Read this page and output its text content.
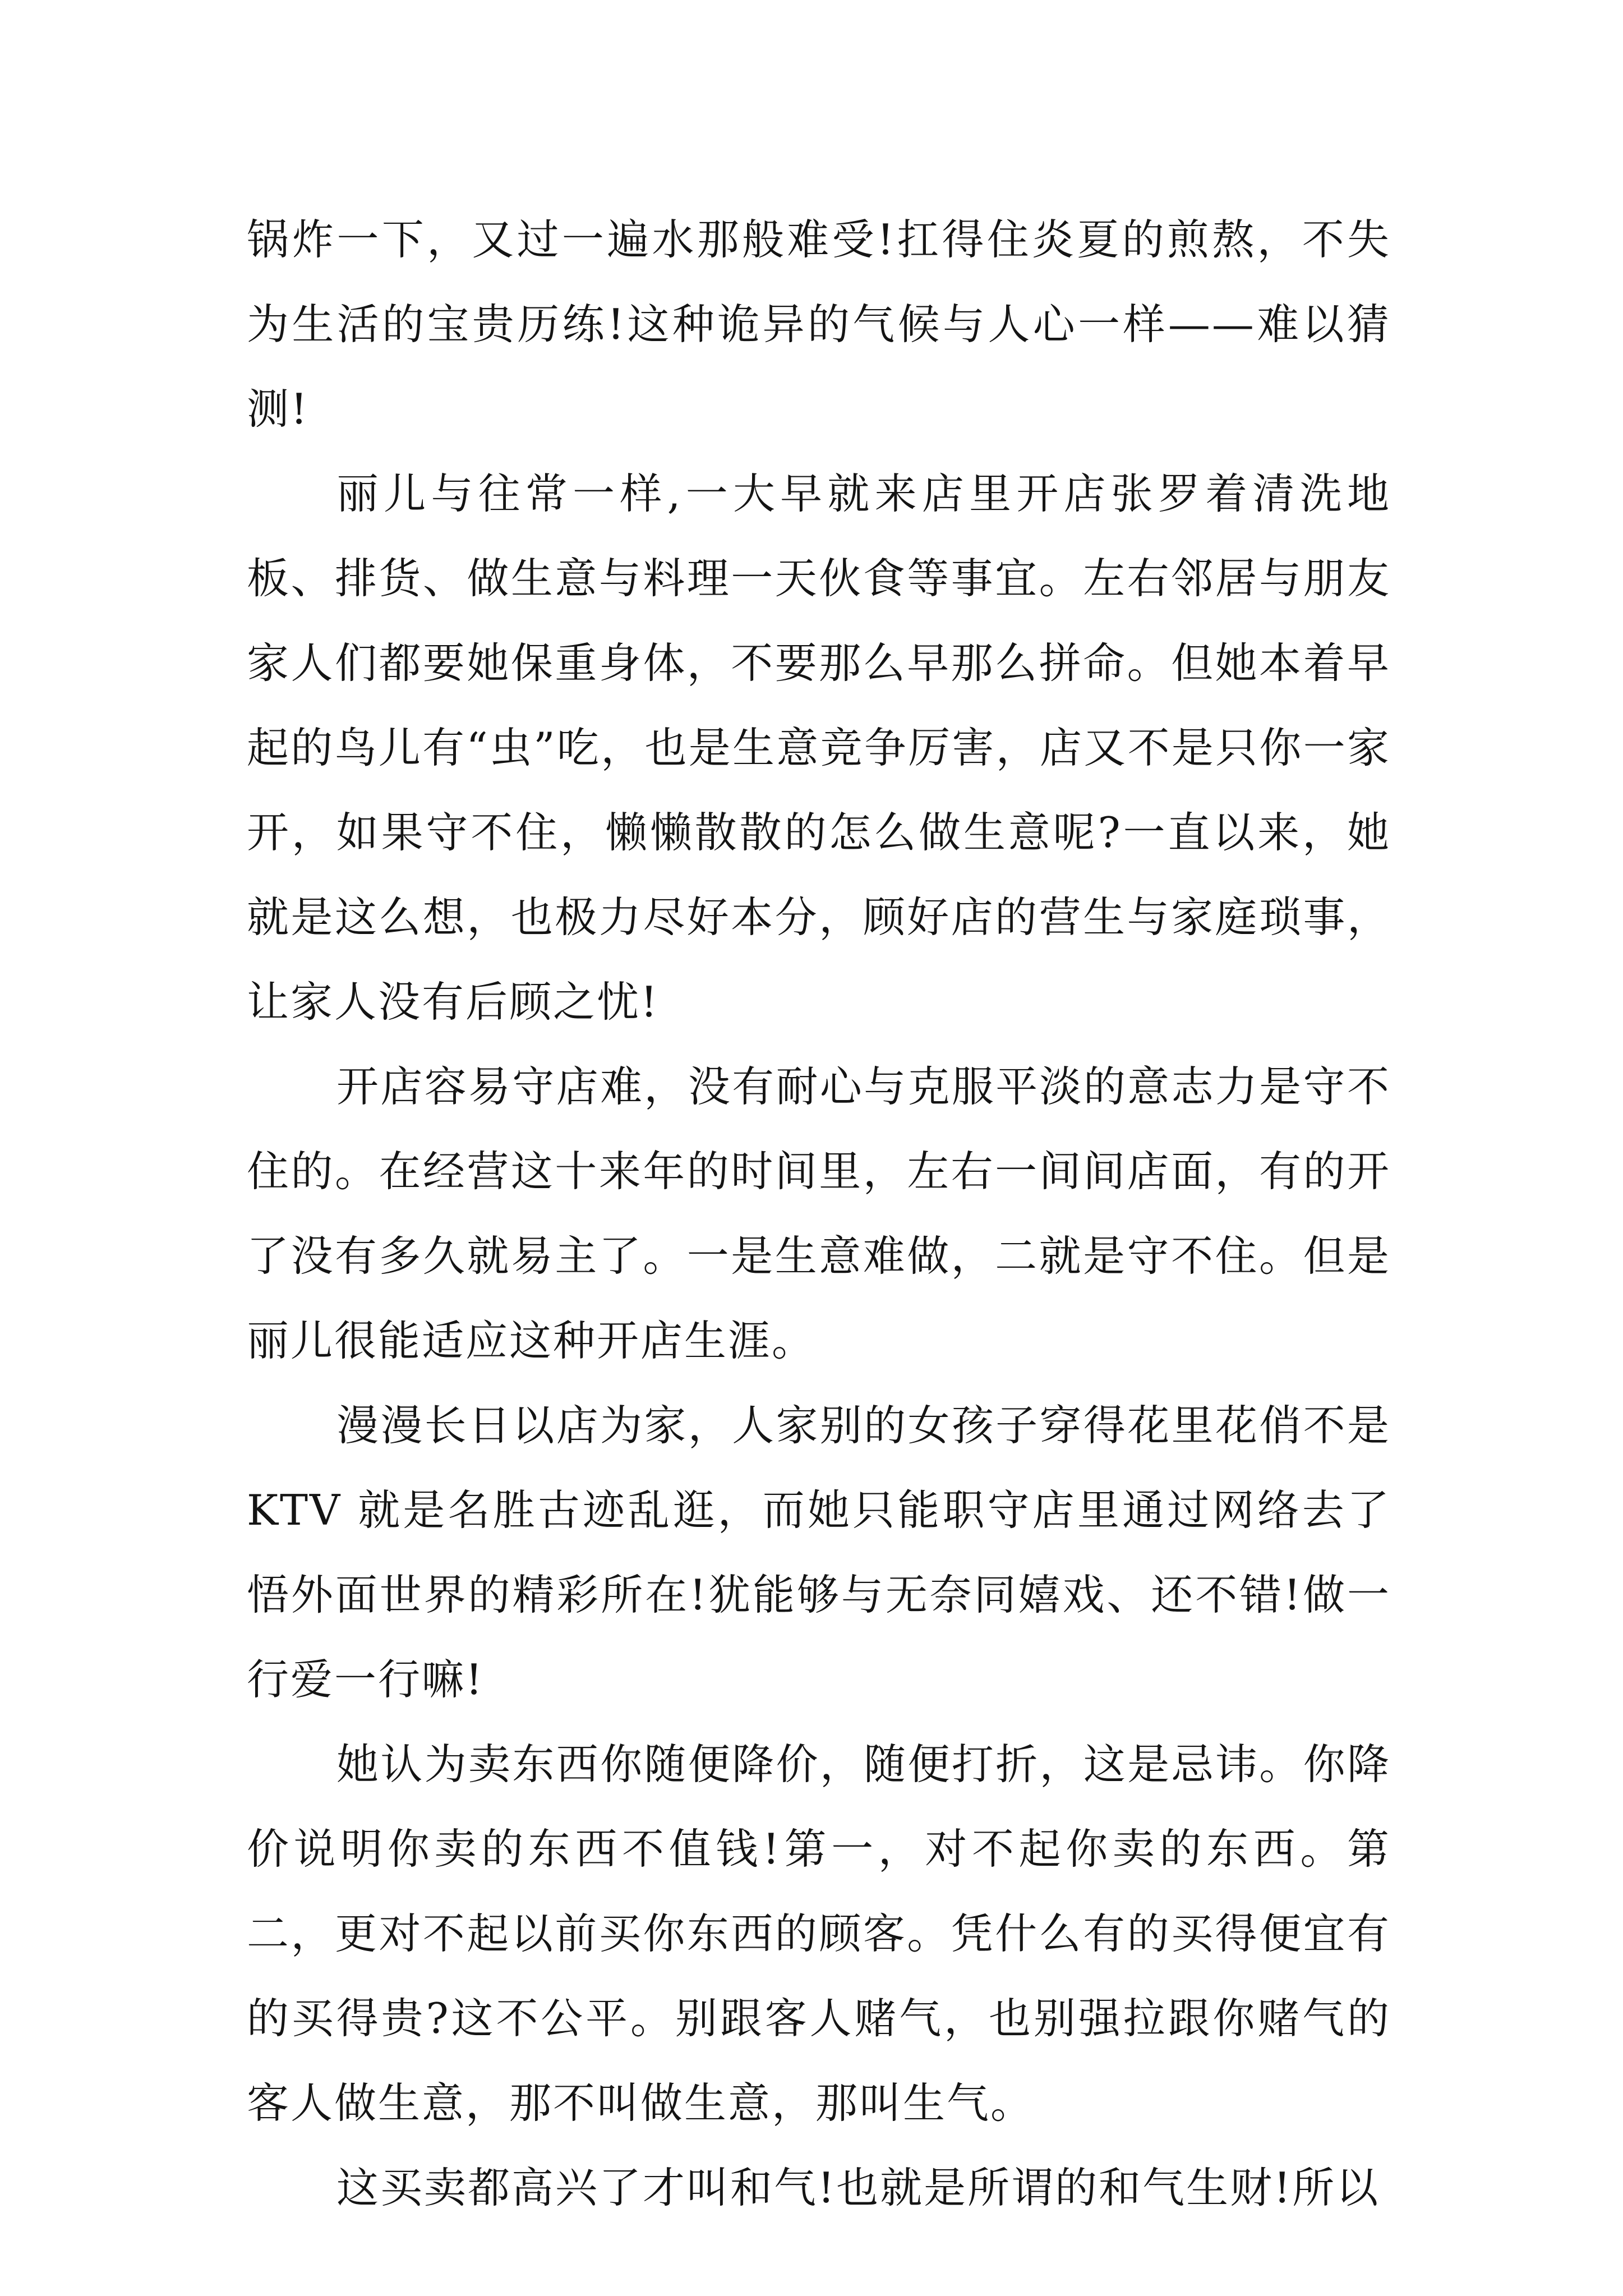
锅炸一下，又过一遍水那般难受!扛得住炎夏的煎熬，不失为生活的宝贵历练!这种诡异的气候与人心一样——难以猜测!

丽儿与往常一样,一大早就来店里开店张罗着清洗地板、排货、做生意与料理一天伙食等事宜。左右邻居与朋友家人们都要她保重身体，不要那么早那么拼命。但她本着早起的鸟儿有“虫”吃，也是生意竞争厉害，店又不是只你一家开，如果守不住，懒懒散散的怎么做生意呢?一直以来，她就是这么想，也极力尽好本分，顾好店的营生与家庭琐事，让家人没有后顾之忧!

开店容易守店难，没有耐心与克服平淡的意志力是守不住的。在经营这十来年的时间里，左右一间间店面，有的开了没有多久就易主了。一是生意难做，二就是守不住。但是丽儿很能适应这种开店生涯。

漫漫长日以店为家，人家别的女孩子穿得花里花俏不是KTV 就是名胜古迹乱逛，而她只能职守店里通过网络去了悟外面世界的精彩所在!犹能够与无奈同嬉戏、还不错!做一行爱一行嘛!

她认为卖东西你随便降价，随便打折，这是忌讳。你降价说明你卖的东西不值钱!第一，对不起你卖的东西。第二，更对不起以前买你东西的顾客。凭什么有的买得便宜有的买得贵?这不公平。别跟客人赌气，也别强拉跟你赌气的客人做生意，那不叫做生意，那叫生气。

这买卖都高兴了才叫和气!也就是所谓的和气生财!所以
